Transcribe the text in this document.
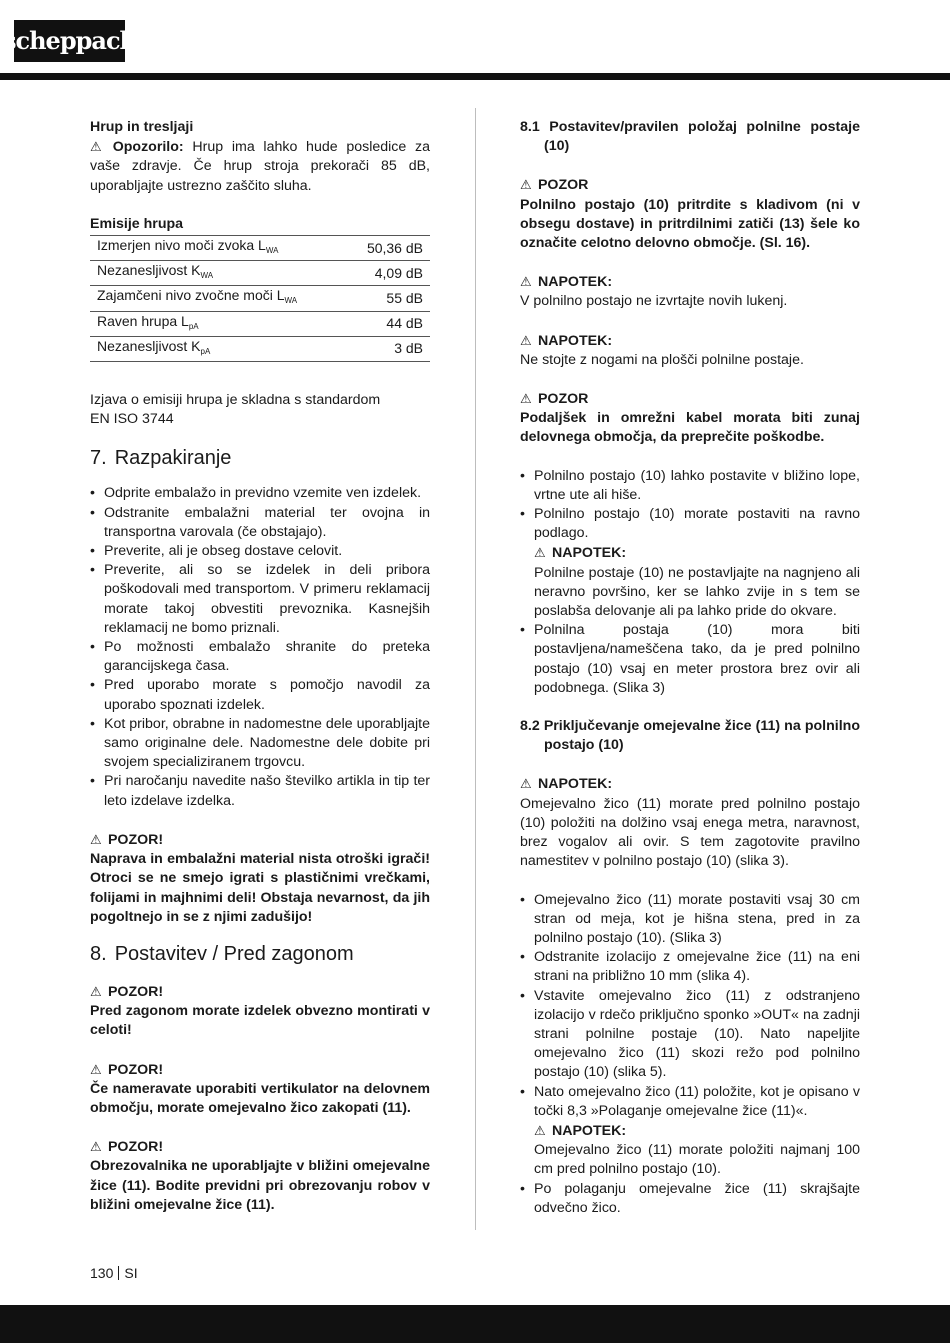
scheppach

Hrup in tresljaji

⚠ Opozorilo: Hrup ima lahko hude posledice za vaše zdravje. Če hrup stroja prekorači 85 dB, uporabljajte ustrezno zaščito sluha.

Emisije hrupa

Izmerjen nivo moči zvoka $L_{WA}$	50,36 dB
Nezanesljivost $K_{WA}$	4,09 dB
Zajamčeni nivo zvočne moči $L_{WA}$	55 dB
Raven hrupa $L_{pA}$	44 dB
Nezanesljivost $K_{pA}$	3 dB

Izjava o emisiji hrupa je skladna s standardom

EN ISO 3744

7. Razpakiranje
• Odprite embalažo in previdno vzemite ven izdelek.
• Odstranite embalažni material ter ovojna in transportna varovala (če obstajajo).
• Preverite, ali je obseg dostave celovit.
• Preverite, ali so se izdelek in deli pribora poškodovali med transportom. V primeru reklamacij morate takoj obvestiti prevoznika. Kasnejših reklamacij ne bomo priznali.
• Po možnosti embalažo shranite do preteka garancijskega časa.
• Pred uporabo morate s pomočjo navodil za uporabo spoznati izdelek.
• Kot pribor, obrabne in nadomestne dele uporabljajte samo originalne dele. Nadomestne dele dobite pri svojem specializiranem trgovcu.
• Pri naročanju navedite našo številko artikla in tip ter leto izdelave izdelka.

⚠ POZOR!

Naprava in embalažni material nista otroški igrači! Otroci se ne smejo igrati s plastičnimi vrečkami, folijami in majhnimi deli! Obstaja nevarnost, da jih pogoltnejo in se z njimi zadušijo!

8. Postavitev / Pred zagonom

⚠ POZOR!

Pred zagonom morate izdelek obvezno montirati v celoti!

⚠ POZOR!

Če nameravate uporabiti vertikulator na delovnem območju, morate omejevalno žico zakopati (11).

⚠ POZOR!

Obrezovalnika ne uporabljajte v bližini omejevalne žice (11). Bodite previdni pri obrezovanju robov v bližini omejevalne žice (11).

8.1 Postavitev/pravilen položaj polnilne postaje (10)

⚠ POZOR

Polnilno postajo (10) pritrdite s kladivom (ni v obsegu dostave) in pritrdilnimi zatiči (13) šele ko označite celotno delovno območje. (Sl. 16).

⚠ NAPOTEK:

V polnilno postajo ne izvrtajte novih lukenj.

⚠ NAPOTEK:

Ne stojte z nogami na plošči polnilne postaje.

⚠ POZOR

Podaljšek in omrežni kabel morata biti zunaj delovnega območja, da preprečite poškodbe.

• Polnilno postajo (10) lahko postavite v bližino lope, vrtne ute ali hiše.
• Polnilno postajo (10) morate postaviti na ravno podlago.
⚠ NAPOTEK:
Polnilne postaje (10) ne postavljajte na nagnjeno ali neravno površino, ker se lahko zvije in s tem se poslabša delovanje ali pa lahko pride do okvare.
• Polnilna postaja (10) mora biti postavljena/nameščena tako, da je pred polnilno postajo (10) vsaj en meter prostora brez ovir ali podobnega. (Slika 3)

8.2 Priključevanje omejevalne žice (11) na polnilno postajo (10)

⚠ NAPOTEK:

Omejevalno žico (11) morate pred polnilno postajo (10) položiti na dolžino vsaj enega metra, naravnost, brez vogalov ali ovir. S tem zagotovite pravilno namestitev v polnilno postajo (10) (slika 3).

• Omejevalno žico (11) morate postaviti vsaj 30 cm stran od meja, kot je hišna stena, pred in za polnilno postajo (10). (Slika 3)
• Odstranite izolacijo z omejevalne žice (11) na eni strani na približno 10 mm (slika 4).
• Vstavite omejevalno žico (11) z odstranjeno izolacijo v rdečo priključno sponko »OUT« na zadnji strani polnilne postaje (10). Nato napeljite omejevalno žico (11) skozi režo pod polnilno postajo (10) (slika 5).
• Nato omejevalno žico (11) položite, kot je opisano v točki 8,3 »Polaganje omejevalne žice (11)«.
⚠ NAPOTEK:
Omejevalno žico (11) morate položiti najmanj 100 cm pred polnilno postajo (10).
• Po polaganju omejevalne žice (11) skrajšajte odvečno žico.
130 SI
